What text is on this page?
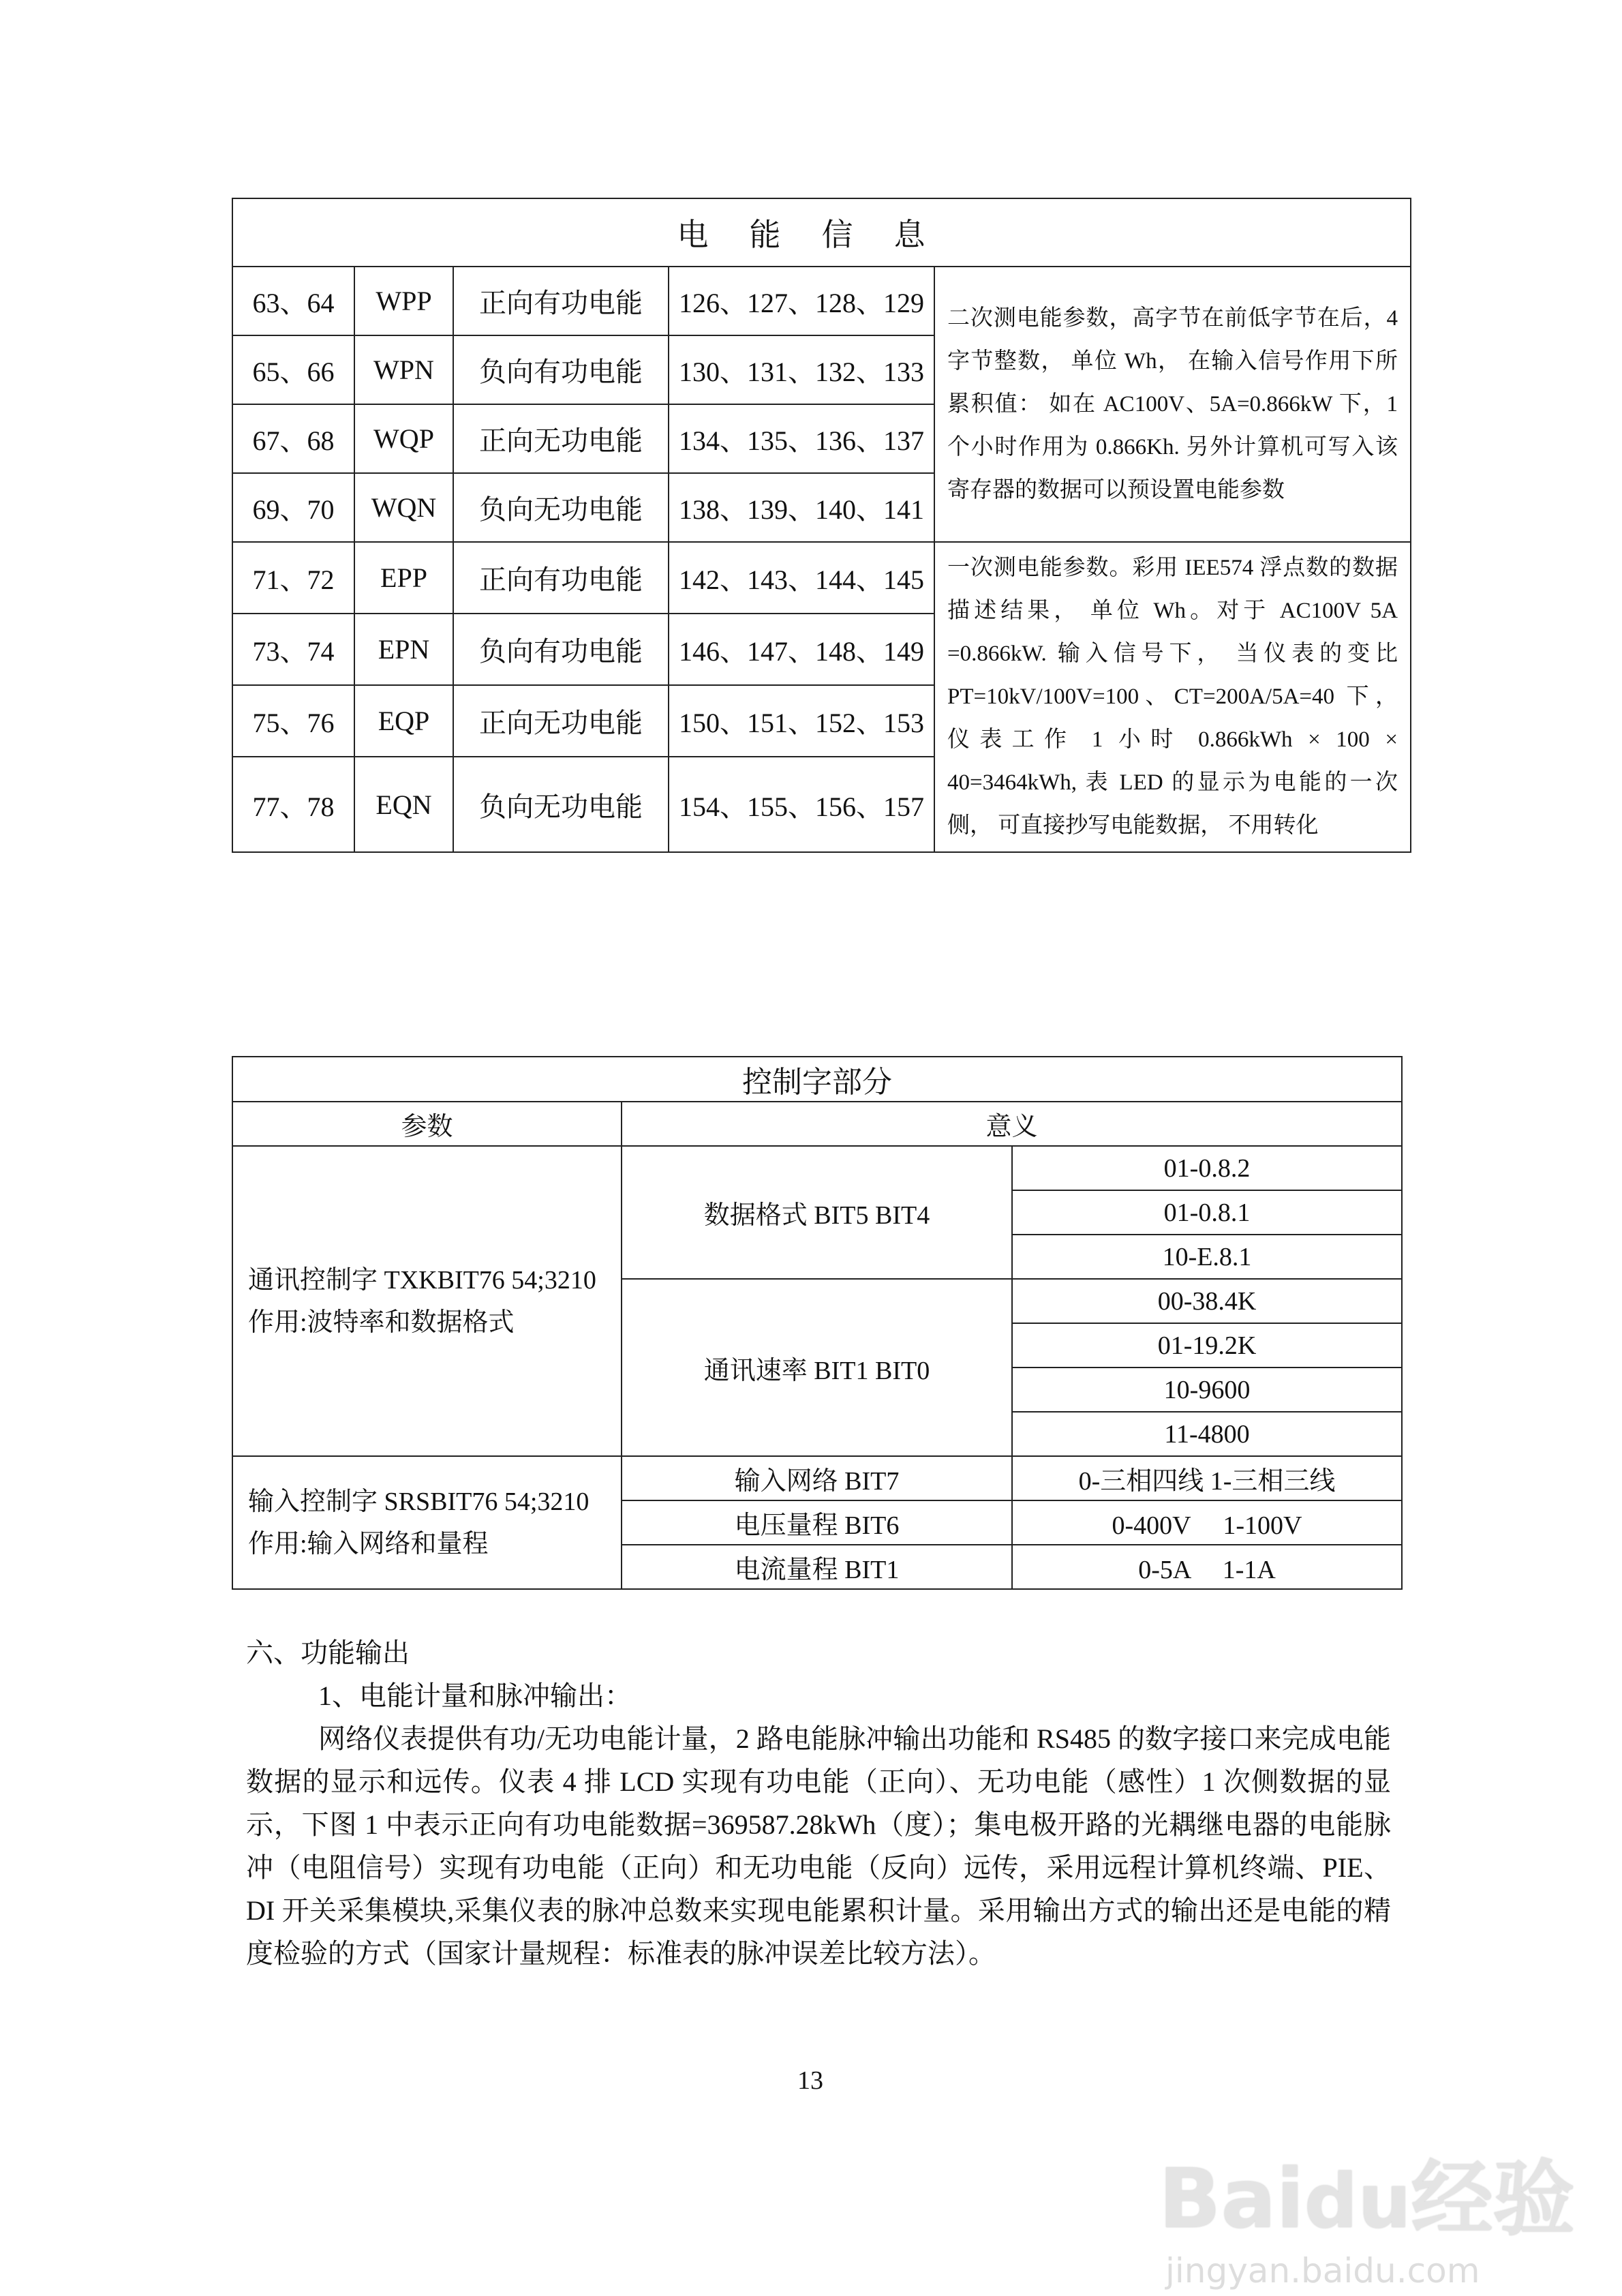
电能信息				
63、64	WPP	正向有功电能	126、127、128、129	二次测电能参数，高字节在前低字节在后，4 字节整数， 单位 Wh， 在输入信号作用下所累积值： 如在 AC100V、5A=0.866kW 下，1 个小时作用为 0.866Kh. 另外计算机可写入该寄存器的数据可以预设置电能参数
65、66	WPN	负向有功电能	130、131、132、133	
67、68	WQP	正向无功电能	134、135、136、137	
69、70	WQN	负向无功电能	138、139、140、141	
71、72	EPP	正向有功电能	142、143、144、145	一次测电能参数。彩用 IEE574 浮点数的数据描述结果， 单位 Wh。对于 AC100V 5A =0.866kW. 输入信号下， 当仪表的变比 PT=10kV/100V=100、CT=200A/5A=40 下， 仪表工作 1 小时 0.866kWh × 100 × 40=3464kWh, 表 LED 的显示为电能的一次侧， 可直接抄写电能数据， 不用转化
73、74	EPN	负向有功电能	146、147、148、149	
75、76	EQP	正向无功电能	150、151、152、153	
77、78	EQN	负向无功电能	154、155、156、157	
控制字部分		
参数	意义	
通讯控制字 TXKBIT76 54;3210 作用:波特率和数据格式	数据格式 BIT5 BIT4	01-0.8.2
		01-0.8.1
		10-E.8.1
	通讯速率 BIT1 BIT0	00-38.4K
		01-19.2K
		10-9600
		11-4800
输入控制字 SRSBIT76 54;3210 作用:输入网络和量程	输入网络 BIT7	0-三相四线 1-三相三线
	电压量程 BIT6	0-400V　 1-100V
	电流量程 BIT1	0-5A　 1-1A
六、功能输出
1、电能计量和脉冲输出：
网络仪表提供有功/无功电能计量，2 路电能脉冲输出功能和 RS485 的数字接口来完成电能数据的显示和远传。仪表 4 排 LCD 实现有功电能（正向）、无功电能（感性）1 次侧数据的显示，下图 1 中表示正向有功电能数据=369587.28kWh（度）；集电极开路的光耦继电器的电能脉冲（电阻信号）实现有功电能（正向）和无功电能（反向）远传，采用远程计算机终端、PIE、DI 开关采集模块,采集仪表的脉冲总数来实现电能累积计量。采用输出方式的输出还是电能的精度检验的方式（国家计量规程：标准表的脉冲误差比较方法）。
13
Baidu经验
jingyan.baidu.com
